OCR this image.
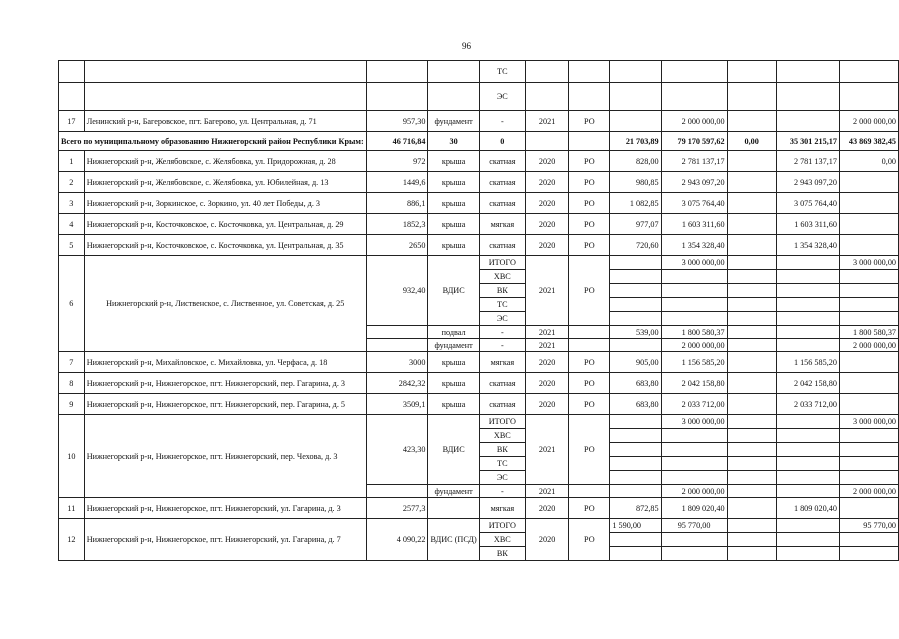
96
				ТС							
				ЭС							
17	Ленинский р-н, Багеровское, пгт. Багерово, ул. Центральная, д. 71	957,30	фундамент	-	2021	РО		2 000 000,00			2 000 000,00
Всего по муниципальному образованию Нижнегорский район Республики Крым:		46 716,84	30	0			21 703,89	79 170 597,62	0,00	35 301 215,17	43 869 382,45
1	Нижнегорский р-н, Желябовское, с. Желябовка, ул. Придорожная, д. 28	972	крыша	скатная	2020	РО	828,00	2 781 137,17		2 781 137,17	0,00
2	Нижнегорский р-н, Желябовское, с. Желябовка, ул. Юбилейная, д. 13	1449,6	крыша	скатная	2020	РО	980,85	2 943 097,20		2 943 097,20	
3	Нижнегорский р-н, Зоркинское, с. Зоркино, ул. 40 лет Победы, д. 3	886,1	крыша	скатная	2020	РО	1 082,85	3 075 764,40		3 075 764,40	
4	Нижнегорский р-н, Косточковское, с. Косточковка, ул. Центральная, д. 29	1852,3	крыша	мягкая	2020	РО	977,07	1 603 311,60		1 603 311,60	
5	Нижнегорский р-н, Косточковское, с. Косточковка, ул. Центральная, д. 35	2650	крыша	скатная	2020	РО	720,60	1 354 328,40		1 354 328,40	
6	Нижнегорский р-н, Лиственское, с. Лиственное, ул. Советская, д. 25	932,40	ВДИС	ИТОГО	2021	РО		3 000 000,00			3 000 000,00
				ХВС							
				ВК							
				ТС							
				ЭС							
			подвал	-	2021		539,00	1 800 580,37			1 800 580,37
			фундамент	-	2021			2 000 000,00			2 000 000,00
7	Нижнегорский р-н, Михайловское, с. Михайловка, ул. Черфаса, д. 18	3000	крыша	мягкая	2020	РО	905,00	1 156 585,20		1 156 585,20	
8	Нижнегорский р-н, Нижнегорское, пгт. Нижнегорский, пер. Гагарина, д. 3	2842,32	крыша	скатная	2020	РО	683,80	2 042 158,80		2 042 158,80	
9	Нижнегорский р-н, Нижнегорское, пгт. Нижнегорский, пер. Гагарина, д. 5	3509,1	крыша	скатная	2020	РО	683,80	2 033 712,00		2 033 712,00	
10	Нижнегорский р-н, Нижнегорское, пгт. Нижнегорский, пер. Чехова, д. 3	423,30	ВДИС	ИТОГО	2021	РО		3 000 000,00			3 000 000,00
				ХВС							
				ВК							
				ТС							
				ЭС							
			фундамент	-	2021			2 000 000,00			2 000 000,00
11	Нижнегорский р-н, Нижнегорское, пгт. Нижнегорский, ул. Гагарина, д. 3	2577,3		мягкая	2020	РО	872,85	1 809 020,40		1 809 020,40	
12	Нижнегорский р-н, Нижнегорское, пгт. Нижнегорский, ул. Гагарина, д. 7	4 090,22	ВДИС (ПСД)	ИТОГО	2020	РО	1 590,00	95 770,00			95 770,00
				ХВС							
				ВК							
